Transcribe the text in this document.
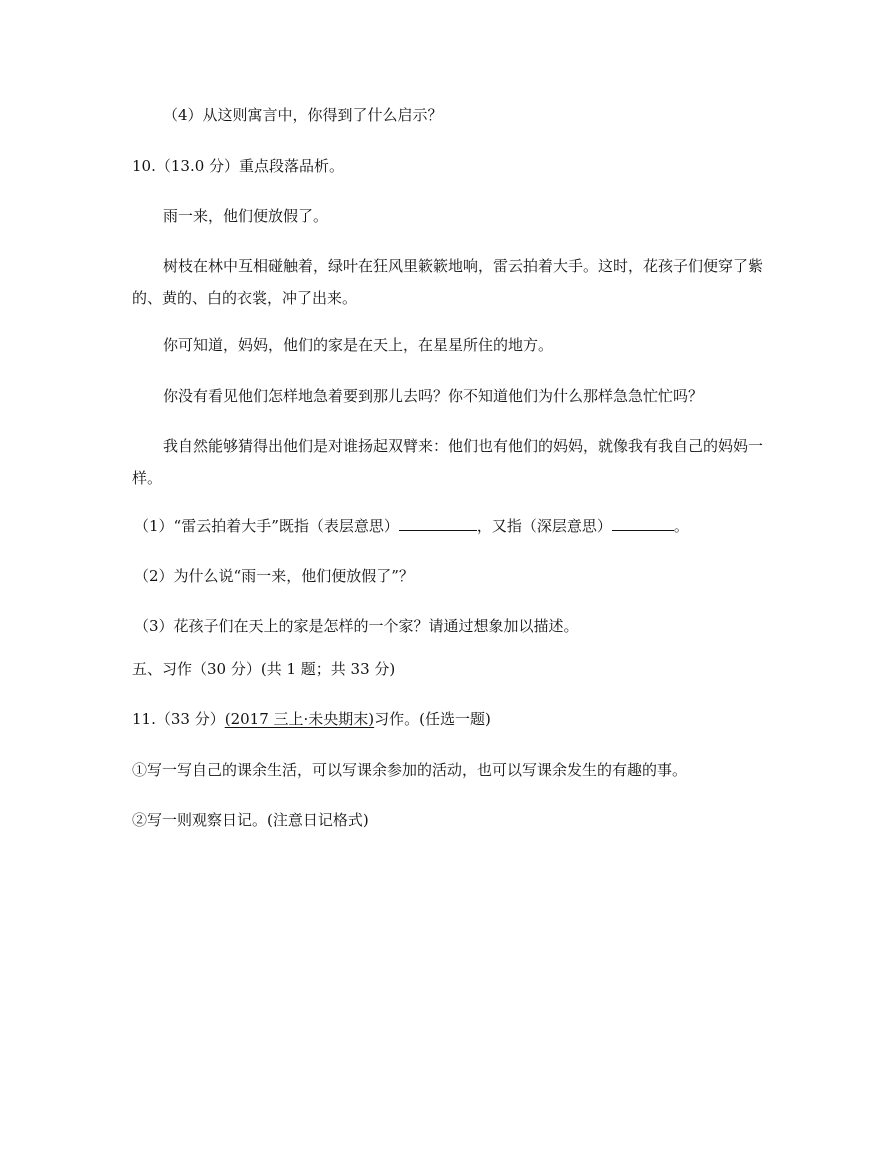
（4）从这则寓言中，你得到了什么启示？
10.（13.0 分）重点段落品析。
雨一来，他们便放假了。
树枝在林中互相碰触着，绿叶在狂风里簌簌地响，雷云拍着大手。这时，花孩子们便穿了紫的、黄的、白的衣裳，冲了出来。
你可知道，妈妈，他们的家是在天上，在星星所住的地方。
你没有看见他们怎样地急着要到那儿去吗？你不知道他们为什么那样急急忙忙吗？
我自然能够猜得出他们是对谁扬起双臂来：他们也有他们的妈妈，就像我有我自己的妈妈一样。
（1）“雷云拍着大手”既指（表层意思）	，又指（深层意思）	。
（2）为什么说“雨一来，他们便放假了”？
（3）花孩子们在天上的家是怎样的一个家？请通过想象加以描述。
五、习作（30 分）(共 1 题；共 33 分)
11.（33 分）(2017 三上·未央期末)习作。(任选一题)
①写一写自己的课余生活，可以写课余参加的活动，也可以写课余发生的有趣的事。
②写一则观察日记。(注意日记格式)
